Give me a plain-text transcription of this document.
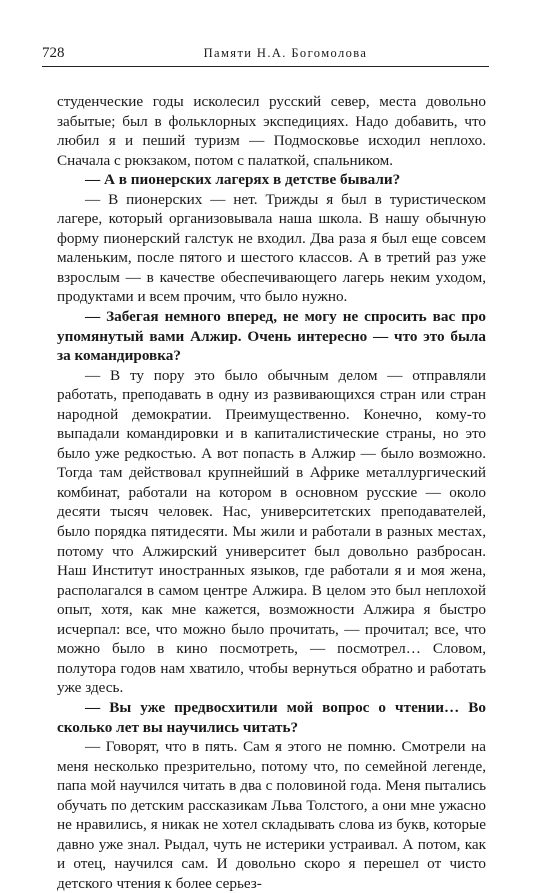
728	Памяти Н.А. Богомолова

студенческие годы исколесил русский север, места довольно забытые; был в фольклорных экспедициях. Надо добавить, что любил я и пеший туризм — Подмосковье исходил неплохо. Сначала с рюкзаком, потом с палаткой, спальником.

— А в пионерских лагерях в детстве бывали?

— В пионерских — нет. Трижды я был в туристическом лагере, который организовывала наша школа. В нашу обычную форму пионерский галстук не входил. Два раза я был еще совсем маленьким, после пятого и шестого классов. А в третий раз уже взрослым — в качестве обеспечивающего лагерь неким уходом, продуктами и всем прочим, что было нужно.

— Забегая немного вперед, не могу не спросить вас про упомянутый вами Алжир. Очень интересно — что это была за командировка?

— В ту пору это было обычным делом — отправляли работать, преподавать в одну из развивающихся стран или стран народной демократии. Преимущественно. Конечно, кому-то выпадали командировки и в капиталистические страны, но это было уже редкостью. А вот попасть в Алжир — было возможно. Тогда там действовал крупнейший в Африке металлургический комбинат, работали на котором в основном русские — около десяти тысяч человек. Нас, университетских преподавателей, было порядка пятидесяти. Мы жили и работали в разных местах, потому что Алжирский университет был довольно разбросан. Наш Институт иностранных языков, где работали я и моя жена, располагался в самом центре Алжира. В целом это был неплохой опыт, хотя, как мне кажется, возможности Алжира я быстро исчерпал: все, что можно было прочитать, — прочитал; все, что можно было в кино посмотреть, — посмотрел… Словом, полутора годов нам хватило, чтобы вернуться обратно и работать уже здесь.

— Вы уже предвосхитили мой вопрос о чтении… Во сколько лет вы научились читать?

— Говорят, что в пять. Сам я этого не помню. Смотрели на меня несколько презрительно, потому что, по семейной легенде, папа мой научился читать в два с половиной года. Меня пытались обучать по детским рассказикам Льва Толстого, а они мне ужасно не нравились, я никак не хотел складывать слова из букв, которые давно уже знал. Рыдал, чуть не истерики устраивал. А потом, как и отец, научился сам. И довольно скоро я перешел от чисто детского чтения к более серьез-
